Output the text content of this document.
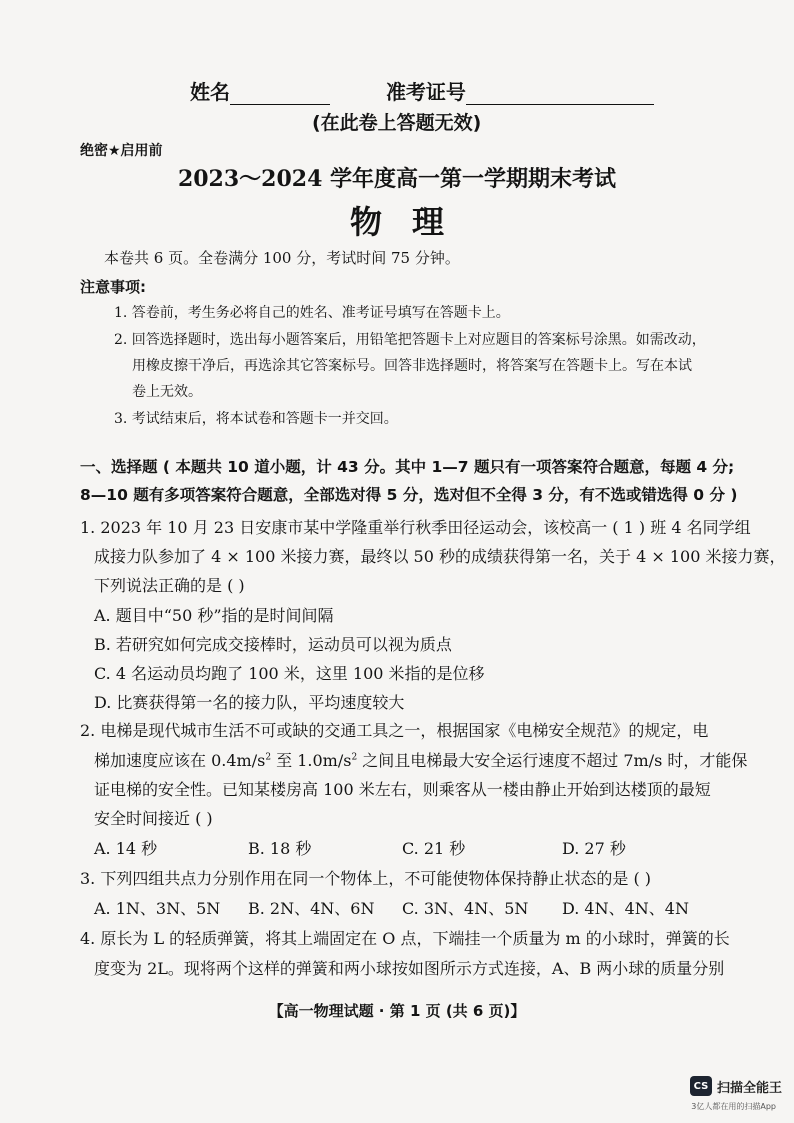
姓名	准考证号
(在此卷上答题无效)
绝密★启用前
2023～2024 学年度高一第一学期期末考试
物理
本卷共 6 页。全卷满分 100 分，考试时间 75 分钟。
注意事项:
1. 答卷前，考生务必将自己的姓名、准考证号填写在答题卡上。
2. 回答选择题时，选出每小题答案后，用铅笔把答题卡上对应题目的答案标号涂黑。如需改动，
用橡皮擦干净后，再选涂其它答案标号。回答非选择题时，将答案写在答题卡上。写在本试
卷上无效。
3. 考试结束后，将本试卷和答题卡一并交回。
一、选择题 ( 本题共 10 道小题，计 43 分。其中 1—7 题只有一项答案符合题意，每题 4 分;
8—10 题有多项答案符合题意，全部选对得 5 分，选对但不全得 3 分，有不选或错选得 0 分 )
1. 2023 年 10 月 23 日安康市某中学隆重举行秋季田径运动会，该校高一 ( 1 ) 班 4 名同学组
成接力队参加了 4 × 100 米接力赛，最终以 50 秒的成绩获得第一名，关于 4 × 100 米接力赛，
下列说法正确的是 ( )
A. 题目中“50 秒”指的是时间间隔
B. 若研究如何完成交接棒时，运动员可以视为质点
C. 4 名运动员均跑了 100 米，这里 100 米指的是位移
D. 比赛获得第一名的接力队，平均速度较大
2. 电梯是现代城市生活不可或缺的交通工具之一，根据国家《电梯安全规范》的规定，电
梯加速度应该在 $0.4m/s^2$ 至 $1.0m/s^2$ 之间且电梯最大安全运行速度不超过 7m/s 时，才能保
证电梯的安全性。已知某楼房高 100 米左右，则乘客从一楼由静止开始到达楼顶的最短
安全时间接近 ( )
A. 14 秒	B. 18 秒	C. 21 秒	D. 27 秒
3. 下列四组共点力分别作用在同一个物体上，不可能使物体保持静止状态的是 ( )
A. 1N、3N、5N B. 2N、4N、6N C. 3N、4N、5N D. 4N、4N、4N
4. 原长为 L 的轻质弹簧，将其上端固定在 O 点，下端挂一个质量为 m 的小球时，弹簧的长
度变为 2L。现将两个这样的弹簧和两小球按如图所示方式连接，A、B 两小球的质量分别
【高一物理试题 · 第 1 页 (共 6 页)】
CS 扫描全能王
3亿人都在用的扫描App
